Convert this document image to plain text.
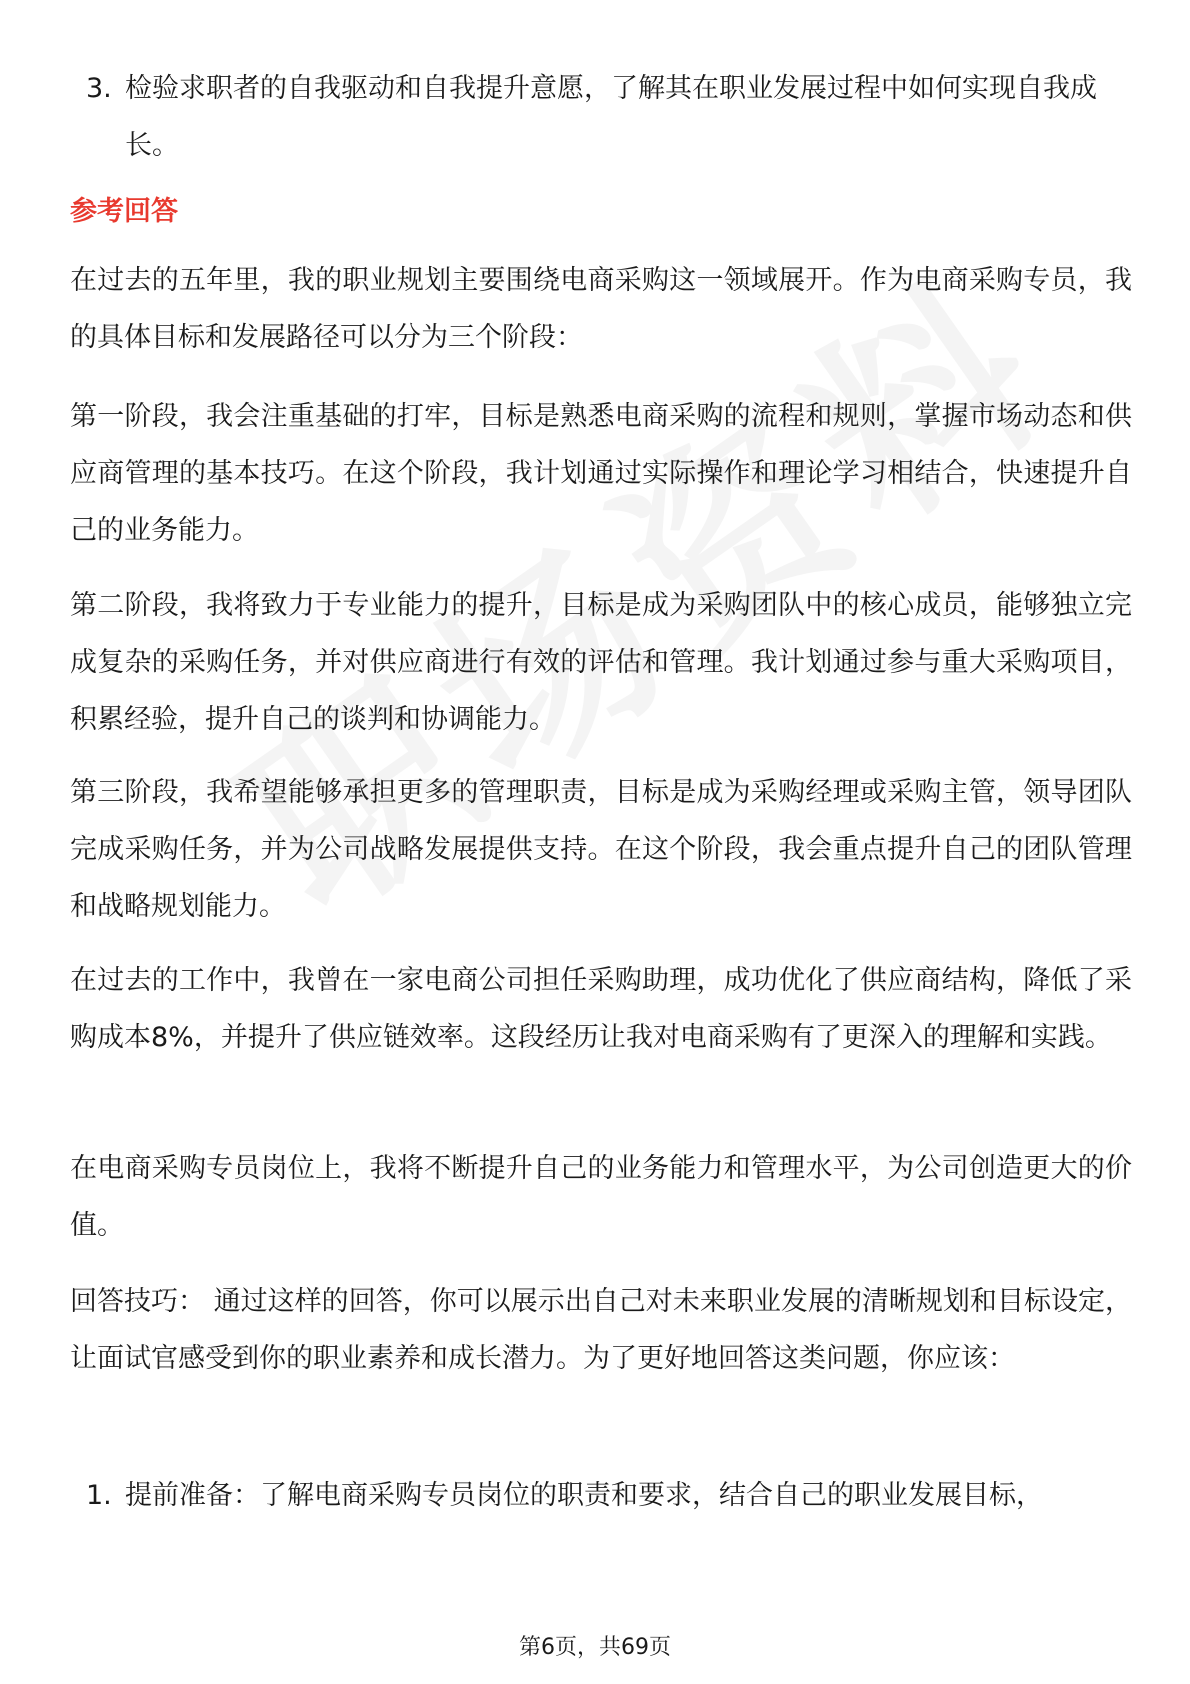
3. 检验求职者的自我驱动和自我提升意愿，了解其在职业发展过程中如何实现自我成长。
参考回答
在过去的五年里，我的职业规划主要围绕电商采购这一领域展开。作为电商采购专员，我的具体目标和发展路径可以分为三个阶段：
第一阶段，我会注重基础的打牢，目标是熟悉电商采购的流程和规则，掌握市场动态和供应商管理的基本技巧。在这个阶段，我计划通过实际操作和理论学习相结合，快速提升自己的业务能力。
第二阶段，我将致力于专业能力的提升，目标是成为采购团队中的核心成员，能够独立完成复杂的采购任务，并对供应商进行有效的评估和管理。我计划通过参与重大采购项目，积累经验，提升自己的谈判和协调能力。
第三阶段，我希望能够承担更多的管理职责，目标是成为采购经理或采购主管，领导团队完成采购任务，并为公司战略发展提供支持。在这个阶段，我会重点提升自己的团队管理和战略规划能力。
在过去的工作中，我曾在一家电商公司担任采购助理，成功优化了供应商结构，降低了采购成本8%，并提升了供应链效率。这段经历让我对电商采购有了更深入的理解和实践。
在电商采购专员岗位上，我将不断提升自己的业务能力和管理水平，为公司创造更大的价值。
回答技巧： 通过这样的回答，你可以展示出自己对未来职业发展的清晰规划和目标设定，让面试官感受到你的职业素养和成长潜力。为了更好地回答这类问题，你应该：
1. 提前准备：了解电商采购专员岗位的职责和要求，结合自己的职业发展目标，
第6页，共69页
